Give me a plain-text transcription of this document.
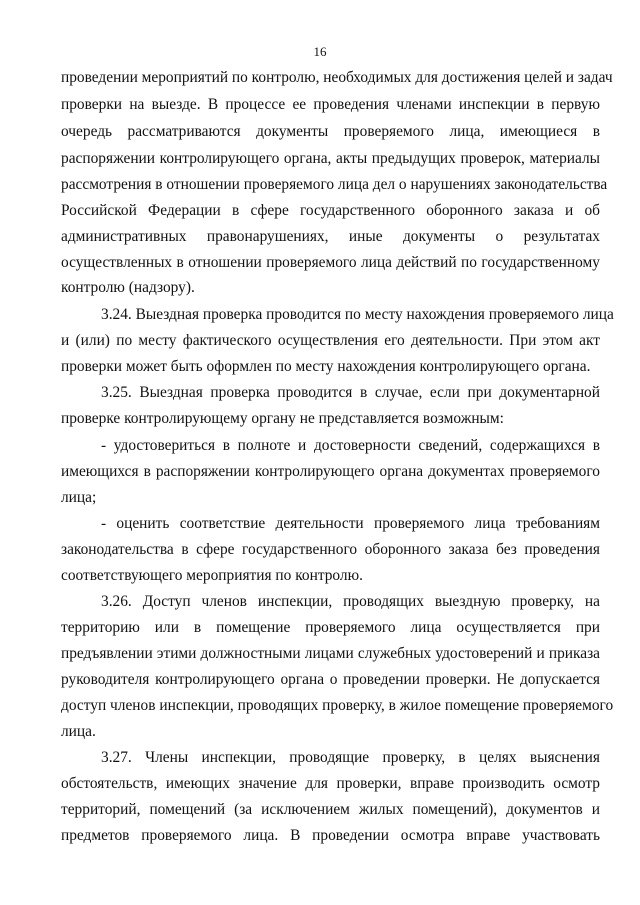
16
проведении мероприятий по контролю, необходимых для достижения целей и задач
проверки на выезде. В процессе ее проведения членами инспекции в первую
очередь рассматриваются документы проверяемого лица, имеющиеся в
распоряжении контролирующего органа, акты предыдущих проверок, материалы
рассмотрения в отношении проверяемого лица дел о нарушениях законодательства
Российской Федерации в сфере государственного оборонного заказа и об
административных правонарушениях, иные документы о результатах
осуществленных в отношении проверяемого лица действий по государственному
контролю (надзору).
3.24. Выездная проверка проводится по месту нахождения проверяемого лица
и (или) по месту фактического осуществления его деятельности. При этом акт
проверки может быть оформлен по месту нахождения контролирующего органа.
3.25. Выездная проверка проводится в случае, если при документарной
проверке контролирующему органу не представляется возможным:
- удостовериться в полноте и достоверности сведений, содержащихся в
имеющихся в распоряжении контролирующего органа документах проверяемого
лица;
- оценить соответствие деятельности проверяемого лица требованиям
законодательства в сфере государственного оборонного заказа без проведения
соответствующего мероприятия по контролю.
3.26. Доступ членов инспекции, проводящих выездную проверку, на
территорию или в помещение проверяемого лица осуществляется при
предъявлении этими должностными лицами служебных удостоверений и приказа
руководителя контролирующего органа о проведении проверки. Не допускается
доступ членов инспекции, проводящих проверку, в жилое помещение проверяемого
лица.
3.27. Члены инспекции, проводящие проверку, в целях выяснения
обстоятельств, имеющих значение для проверки, вправе производить осмотр
территорий, помещений (за исключением жилых помещений), документов и
предметов проверяемого лица. В проведении осмотра вправе участвовать
